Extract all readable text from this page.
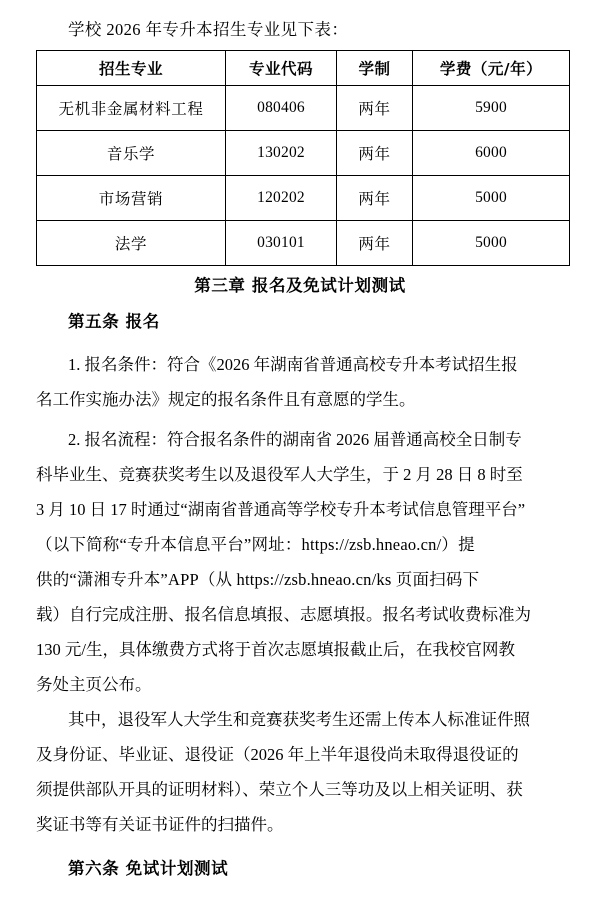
学校 2026 年专升本招生专业见下表：
招生专业	专业代码	学制	学费（元/年）
无机非金属材料工程	080406	两年	5900
音乐学	130202	两年	6000
市场营销	120202	两年	5000
法学	030101	两年	5000
第三章 报名及免试计划测试
第五条 报名
1. 报名条件：符合《2026 年湖南省普通高校专升本考试招生报
名工作实施办法》规定的报名条件且有意愿的学生。
2. 报名流程：符合报名条件的湖南省 2026 届普通高校全日制专
科毕业生、竞赛获奖考生以及退役军人大学生，于 2 月 28 日 8 时至
3 月 10 日 17 时通过“湖南省普通高等学校专升本考试信息管理平台”
（以下简称“专升本信息平台”网址：https://zsb.hneao.cn/）提
供的“潇湘专升本”APP（从 https://zsb.hneao.cn/ks 页面扫码下
载）自行完成注册、报名信息填报、志愿填报。报名考试收费标准为
130 元/生，具体缴费方式将于首次志愿填报截止后，在我校官网教
务处主页公布。
其中，退役军人大学生和竞赛获奖考生还需上传本人标准证件照
及身份证、毕业证、退役证（2026 年上半年退役尚未取得退役证的
须提供部队开具的证明材料）、荣立个人三等功及以上相关证明、获
奖证书等有关证书证件的扫描件。
第六条 免试计划测试
